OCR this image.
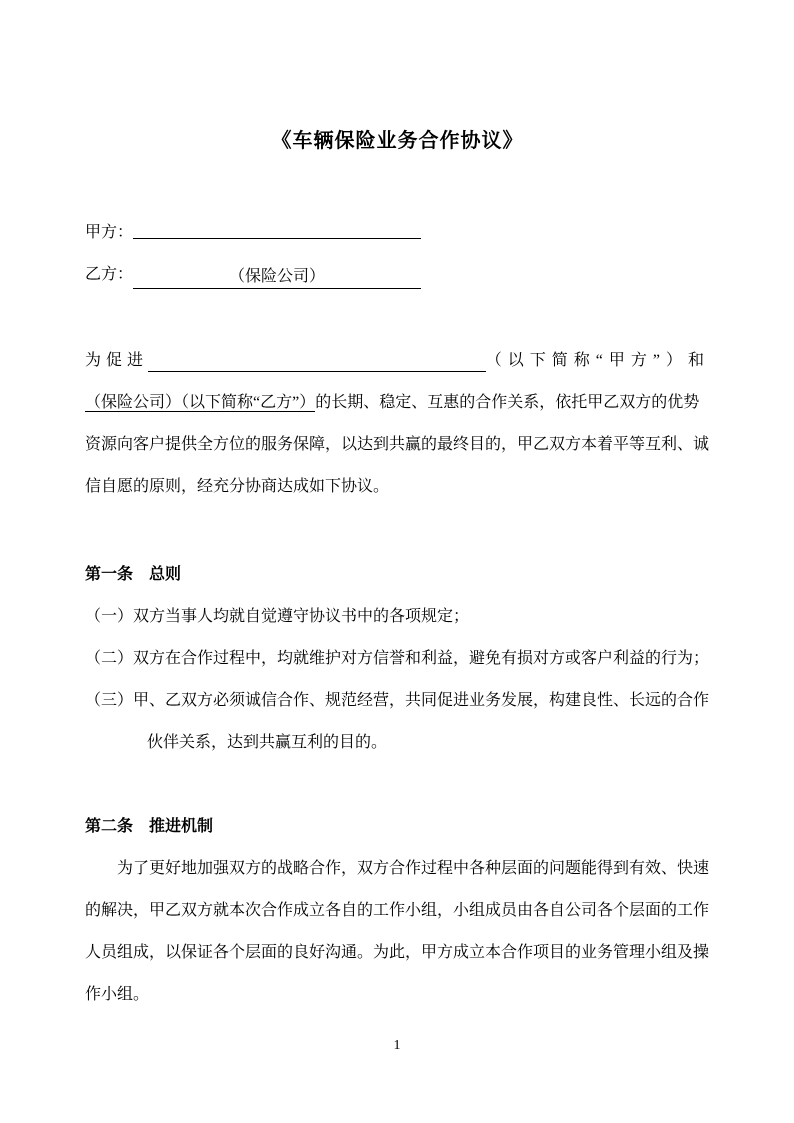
《车辆保险业务合作协议》
甲方：
乙方：	（保险公司）
为促进	（以下简称“甲方”）和
（保险公司）（以下简称“乙方”）的长期、稳定、互惠的合作关系，依托甲乙双方的优势
资源向客户提供全方位的服务保障，以达到共赢的最终目的，甲乙双方本着平等互利、诚
信自愿的原则，经充分协商达成如下协议。
第一条　总则
（一）双方当事人均就自觉遵守协议书中的各项规定；
（二）双方在合作过程中，均就维护对方信誉和利益，避免有损对方或客户利益的行为；
（三）甲、乙双方必须诚信合作、规范经营，共同促进业务发展，构建良性、长远的合作
伙伴关系，达到共赢互利的目的。
第二条　推进机制
为了更好地加强双方的战略合作，双方合作过程中各种层面的问题能得到有效、快速
的解决，甲乙双方就本次合作成立各自的工作小组，小组成员由各自公司各个层面的工作
人员组成，以保证各个层面的良好沟通。为此，甲方成立本合作项目的业务管理小组及操
作小组。
1
